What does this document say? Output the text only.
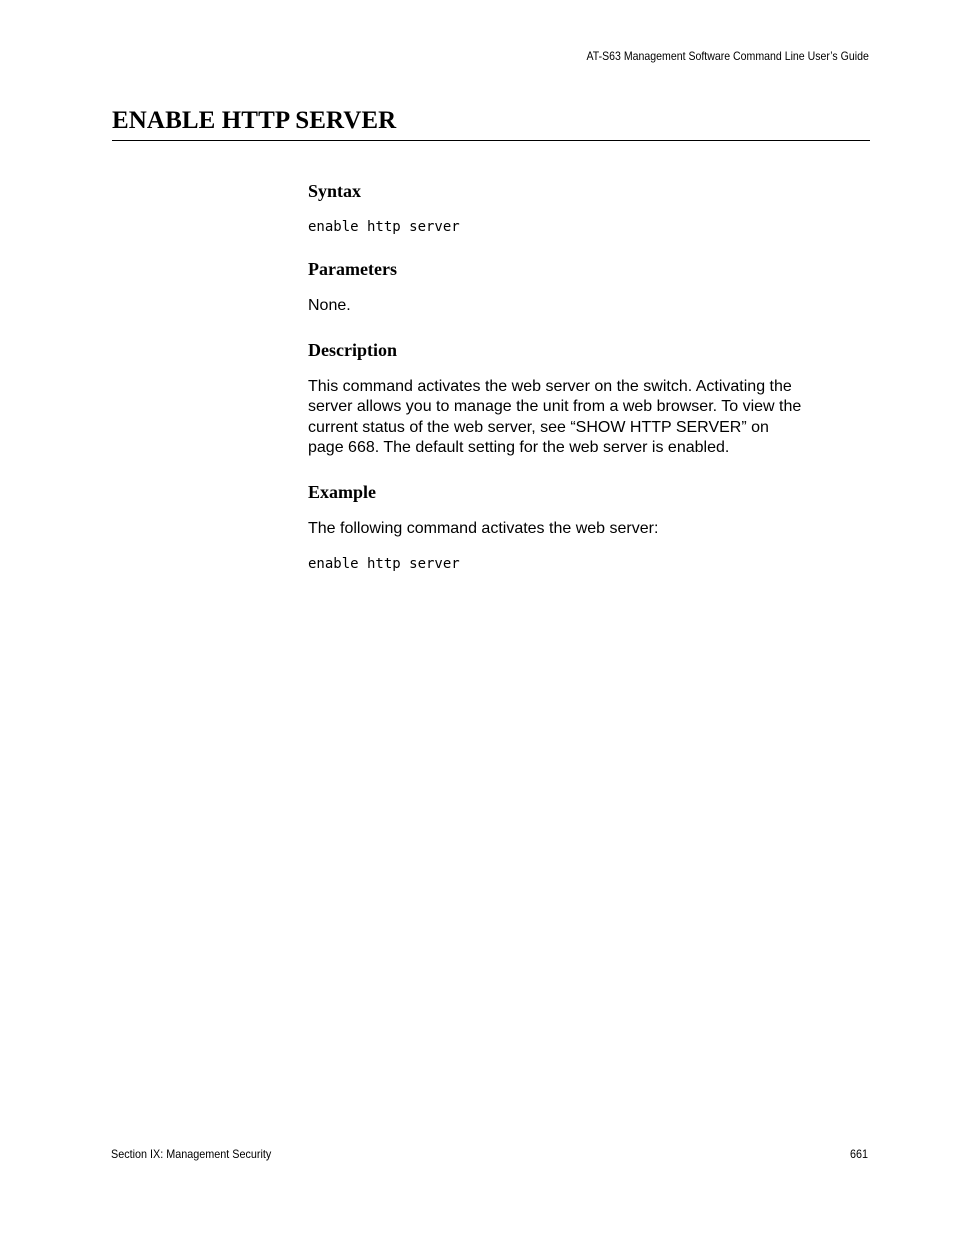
AT-S63 Management Software Command Line User’s Guide
ENABLE HTTP SERVER
Syntax
enable http server
Parameters

None.

Description

This command activates the web server on the switch. Activating the
server allows you to manage the unit from a web browser. To view the
current status of the web server, see “SHOW HTTP SERVER” on
page 668. The default setting for the web server is enabled.

Example

The following command activates the web server:

enable http server
Section IX: Management Security	661
